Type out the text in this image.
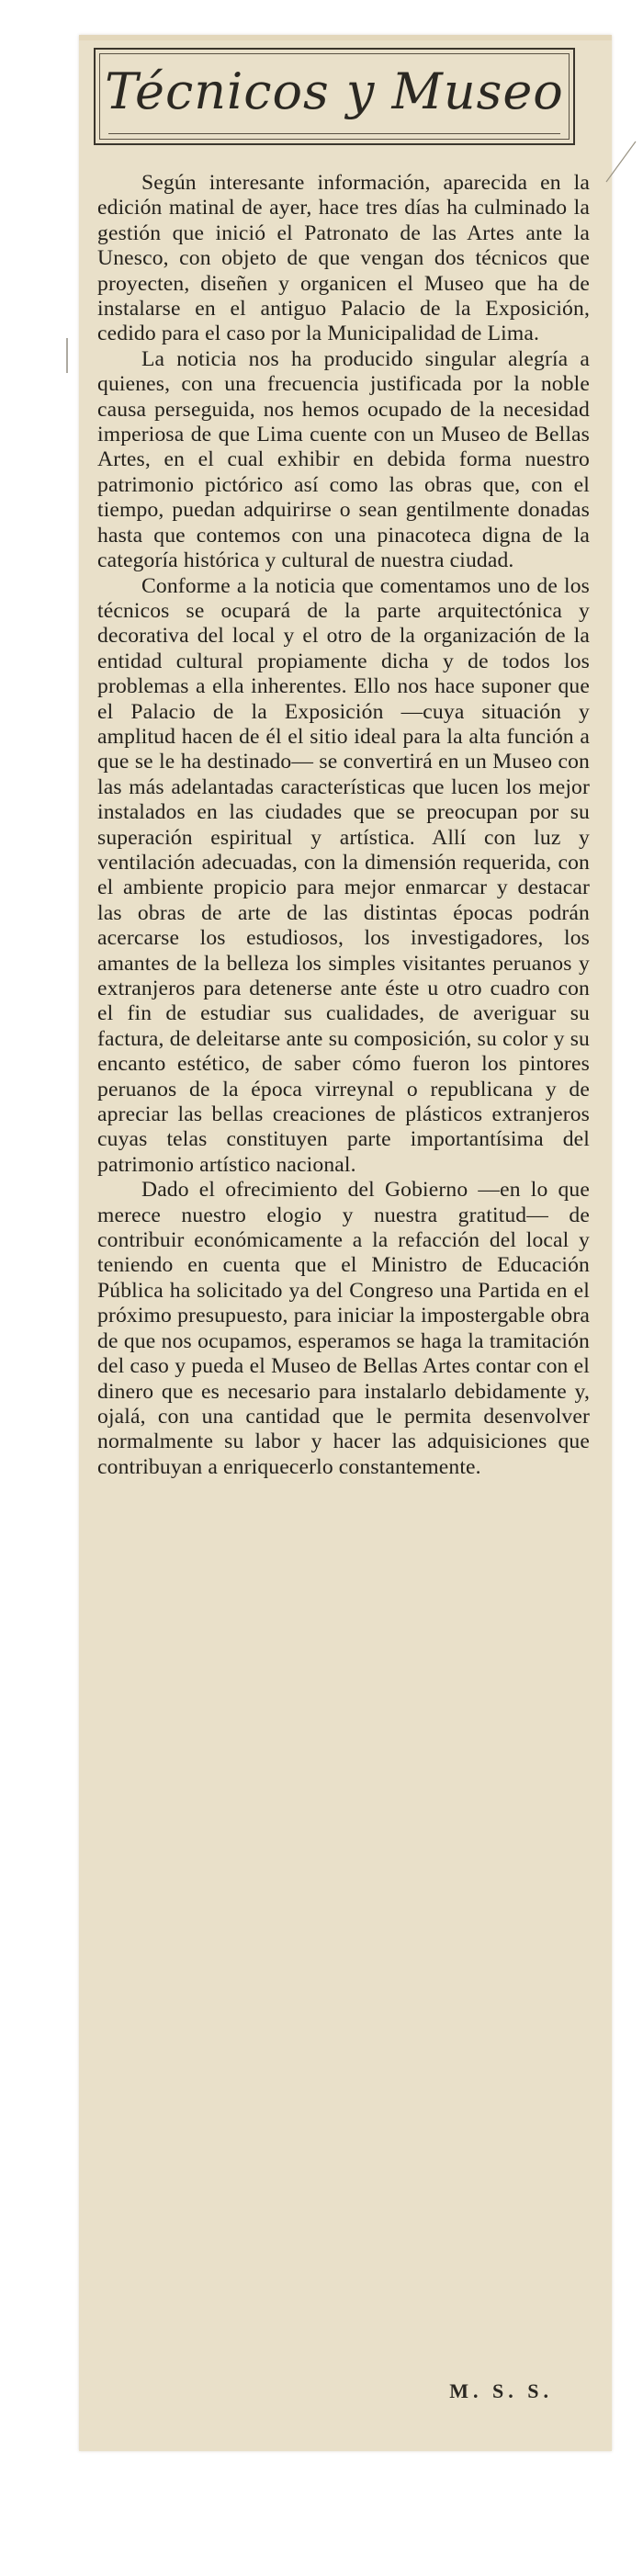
Técnicos y Museo

Según interesante información, aparecida en la edición matinal de ayer, hace tres días ha culminado la gestión que inició el Patronato de las Artes ante la Unesco, con objeto de que vengan dos técnicos que proyecten, diseñen y organicen el Museo que ha de instalarse en el antiguo Palacio de la Exposición, cedido para el caso por la Municipalidad de Lima.

La noticia nos ha producido singular alegría a quienes, con una frecuencia justificada por la noble causa perseguida, nos hemos ocupado de la necesidad imperiosa de que Lima cuente con un Museo de Bellas Artes, en el cual exhibir en debida forma nuestro patrimonio pictórico así como las obras que, con el tiempo, puedan adquirirse o sean gentilmente donadas hasta que contemos con una pinacoteca digna de la categoría histórica y cultural de nuestra ciudad.

Conforme a la noticia que comentamos uno de los técnicos se ocupará de la parte arquitectónica y decorativa del local y el otro de la organización de la entidad cultural propiamente dicha y de todos los problemas a ella inherentes. Ello nos hace suponer que el Palacio de la Exposición —cuya situación y amplitud hacen de él el sitio ideal para la alta función a que se le ha destinado— se convertirá en un Museo con las más adelantadas características que lucen los mejor instalados en las ciudades que se preocupan por su superación espiritual y artística. Allí con luz y ventilación adecuadas, con la dimensión requerida, con el ambiente propicio para mejor enmarcar y destacar las obras de arte de las distintas épocas podrán acercarse los estudiosos, los investigadores, los amantes de la belleza los simples visitantes peruanos y extranjeros para detenerse ante éste u otro cuadro con el fin de estudiar sus cualidades, de averiguar su factura, de deleitarse ante su composición, su color y su encanto estético, de saber cómo fueron los pintores peruanos de la época virreynal o republicana y de apreciar las bellas creaciones de plásticos extranjeros cuyas telas constituyen parte importantísima del patrimonio artístico nacional.

Dado el ofrecimiento del Gobierno —en lo que merece nuestro elogio y nuestra gratitud— de contribuir económicamente a la refacción del local y teniendo en cuenta que el Ministro de Educación Pública ha solicitado ya del Congreso una Partida en el próximo presupuesto, para iniciar la impostergable obra de que nos ocupamos, esperamos se haga la tramitación del caso y pueda el Museo de Bellas Artes contar con el dinero que es necesario para instalarlo debidamente y, ojalá, con una cantidad que le permita desenvolver normalmente su labor y hacer las adquisiciones que contribuyan a enriquecerlo constantemente.

M. S. S.
